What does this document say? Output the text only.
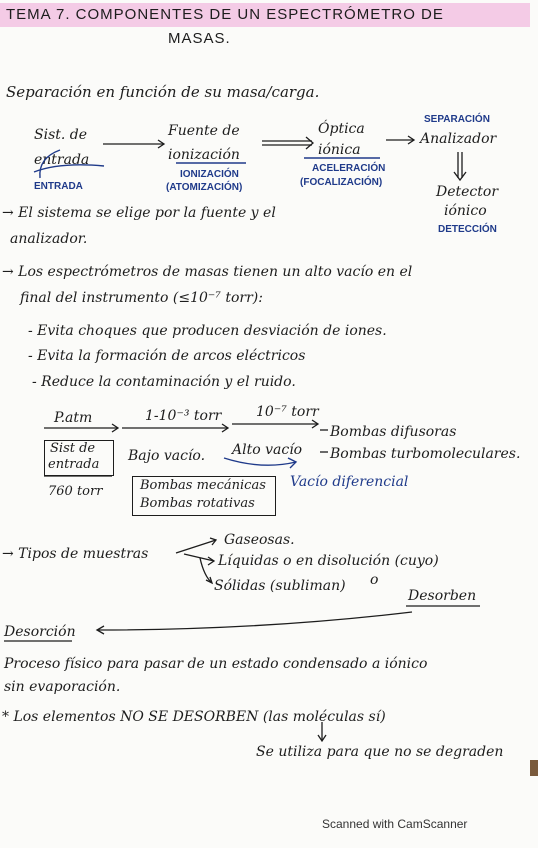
TEMA 7. COMPONENTES DE UN ESPECTRÓMETRO DE
MASAS.
Separación en función de su masa/carga.
Sist. de
entrada
ENTRADA
Fuente de
ionización
IONIZACIÓN
(ATOMIZACIÓN)
Óptica
iónica
ACELERACIÓN
(FOCALIZACIÓN)
SEPARACIÓN
Analizador
Detector
iónico
DETECCIÓN
→ El sistema se elige por la fuente y el
analizador.
→ Los espectrómetros de masas tienen un alto vacío en el
final del instrumento (≤10⁻⁷ torr):
- Evita choques que producen desviación de iones.
- Evita la formación de arcos eléctricos
- Reduce la contaminación y el ruido.
P.atm	1-10⁻³ torr 10⁻⁷ torr
Sist de
entrada
760 torr
Bajo vacío. Alto vacío
Bombas mecánicas
Bombas rotativas
Vacío diferencial
Bombas difusoras
Bombas turbomoleculares.
→ Tipos de muestras
Gaseosas.
Líquidas o en disolución (cuyo)
Sólidas (subliman) o
Desorben
Desorción
Proceso físico para pasar de un estado condensado a iónico
sin evaporación.
* Los elementos NO SE DESORBEN (las moléculas sí)
Se utiliza para que no se degraden
Scanned with CamScanner
